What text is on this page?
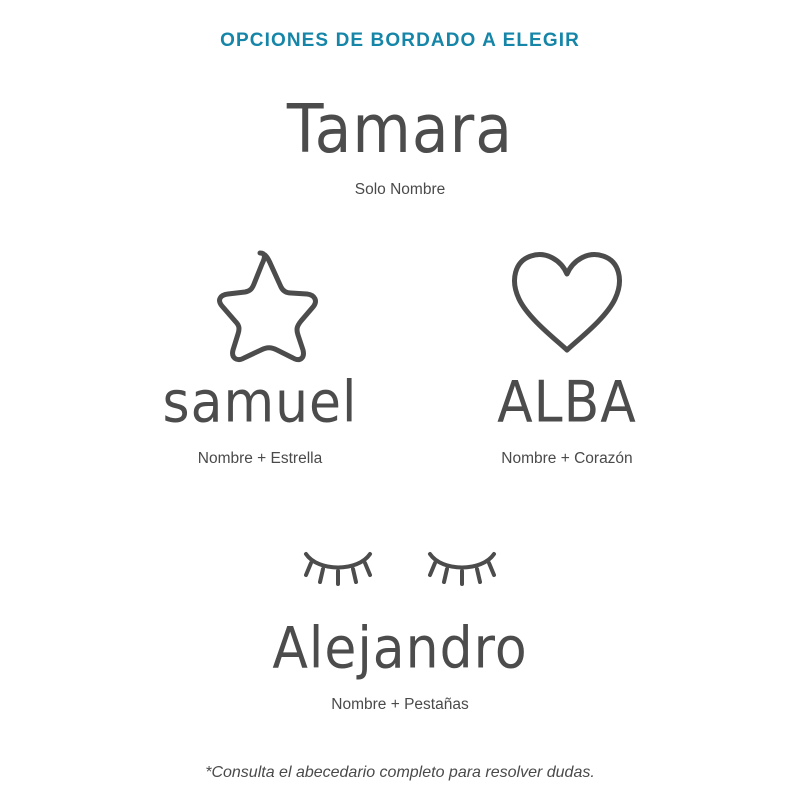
OPCIONES DE BORDADO A ELEGIR
Tamara
Solo Nombre
samuel
Nombre + Estrella
ALBA
Nombre + Corazón
Alejandro
Nombre + Pestañas
*Consulta el abecedario completo para resolver dudas.
